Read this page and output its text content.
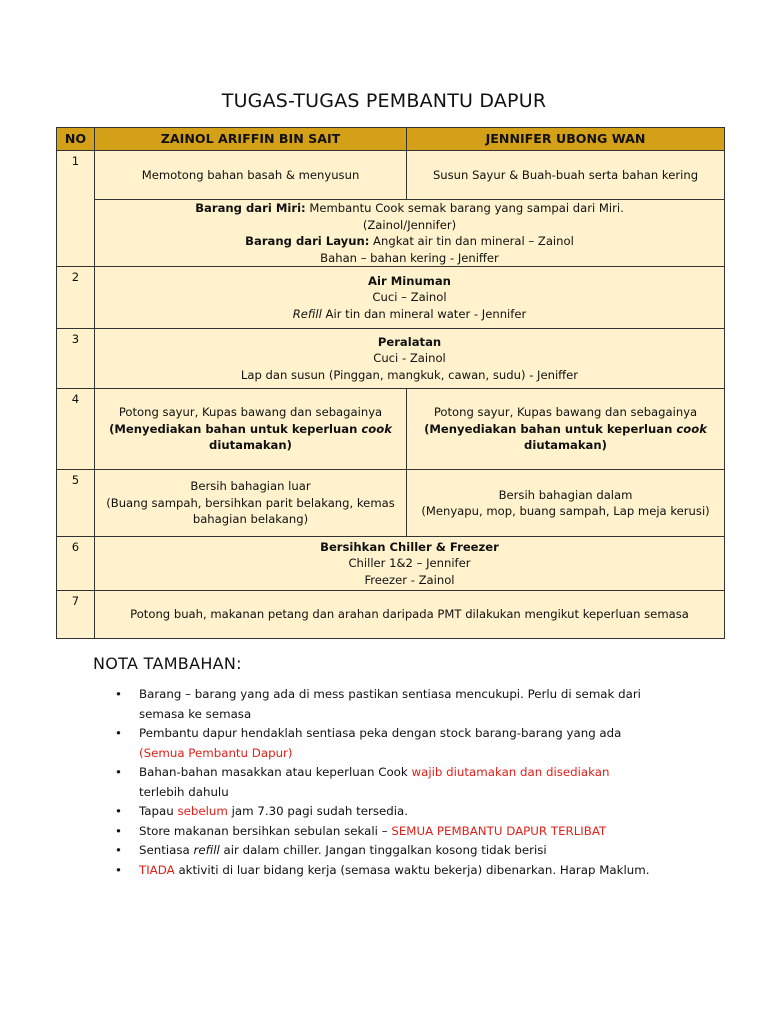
TUGAS-TUGAS PEMBANTU DAPUR
NO	ZAINOL ARIFFIN BIN SAIT	JENNIFER UBONG WAN
1	Memotong bahan basah & menyusun	Susun Sayur & Buah-buah serta bahan kering

	Barang dari Miri: Membantu Cook semak barang yang sampai dari Miri.
(Zainol/Jennifer)
Barang dari Layun: Angkat air tin dan mineral – Zainol
Bahan – bahan kering - Jeniffer	

2	Air Minuman
Cuci – Zainol
Refill Air tin dan mineral water - Jennifer	

3	Peralatan
Cuci - Zainol
Lap dan susun (Pinggan, mangkuk, cawan, sudu) - Jeniffer	

4	Potong sayur, Kupas bawang dan sebagainya
(Menyediakan bahan untuk keperluan cook
diutamakan)	Potong sayur, Kupas bawang dan sebagainya
(Menyediakan bahan untuk keperluan cook
diutamakan)

5	Bersih bahagian luar
(Buang sampah, bersihkan parit belakang, kemas bahagian belakang)	Bersih bahagian dalam
(Menyapu, mop, buang sampah, Lap meja kerusi)

6	Bersihkan Chiller & Freezer
Chiller 1&2 – Jennifer
Freezer - Zainol	

7	Potong buah, makanan petang dan arahan daripada PMT dilakukan mengikut keperluan semasa	
NOTA TAMBAHAN:
• Barang – barang yang ada di mess pastikan sentiasa mencukupi. Perlu di semak dari semasa ke semasa
• Pembantu dapur hendaklah sentiasa peka dengan stock barang-barang yang ada
(Semua Pembantu Dapur)
• Bahan-bahan masakkan atau keperluan Cook wajib diutamakan dan disediakan
terlebih dahulu
• Tapau sebelum jam 7.30 pagi sudah tersedia.
• Store makanan bersihkan sebulan sekali – SEMUA PEMBANTU DAPUR TERLIBAT
• Sentiasa refill air dalam chiller. Jangan tinggalkan kosong tidak berisi
• TIADA aktiviti di luar bidang kerja (semasa waktu bekerja) dibenarkan. Harap Maklum.
